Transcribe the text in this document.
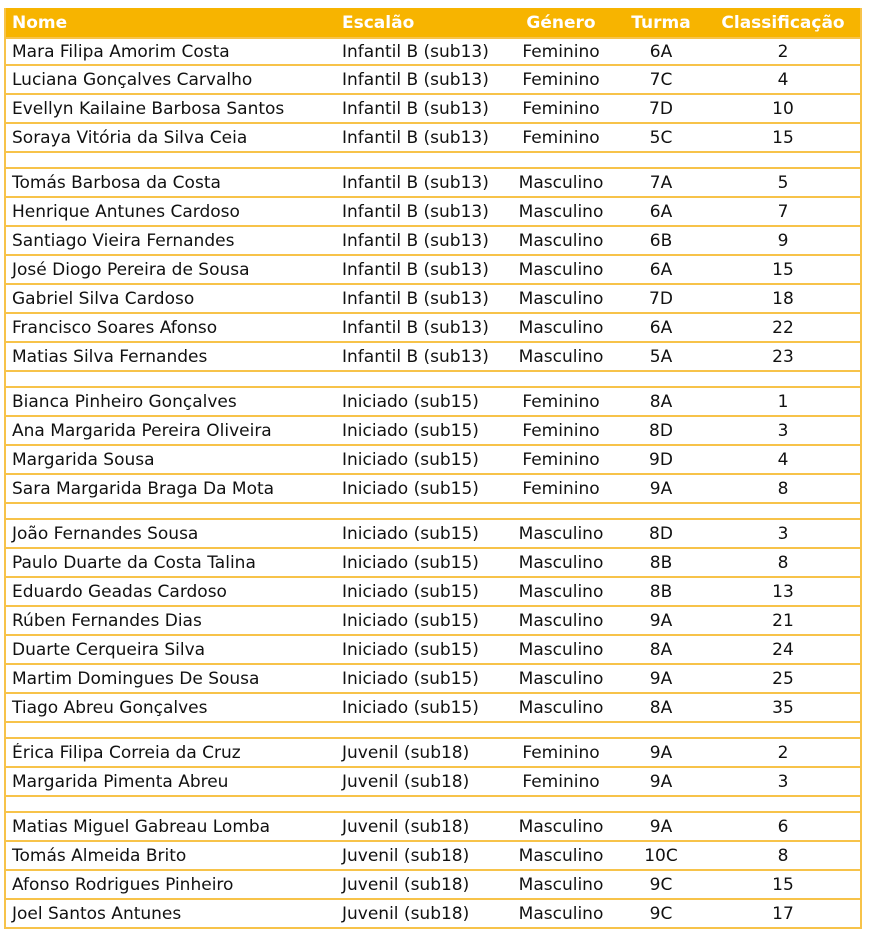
Nome	Escalão	Género	Turma	Classificação
Mara Filipa Amorim Costa	Infantil B (sub13)	Feminino	6A	2
Luciana Gonçalves Carvalho	Infantil B (sub13)	Feminino	7C	4
Evellyn Kailaine Barbosa Santos	Infantil B (sub13)	Feminino	7D	10
Soraya Vitória da Silva Ceia	Infantil B (sub13)	Feminino	5C	15
Tomás Barbosa da Costa	Infantil B (sub13)	Masculino	7A	5
Henrique Antunes Cardoso	Infantil B (sub13)	Masculino	6A	7
Santiago Vieira Fernandes	Infantil B (sub13)	Masculino	6B	9
José Diogo Pereira de Sousa	Infantil B (sub13)	Masculino	6A	15
Gabriel Silva Cardoso	Infantil B (sub13)	Masculino	7D	18
Francisco Soares Afonso	Infantil B (sub13)	Masculino	6A	22
Matias Silva Fernandes	Infantil B (sub13)	Masculino	5A	23
Bianca Pinheiro Gonçalves	Iniciado (sub15)	Feminino	8A	1
Ana Margarida Pereira Oliveira	Iniciado (sub15)	Feminino	8D	3
Margarida Sousa	Iniciado (sub15)	Feminino	9D	4
Sara Margarida Braga Da Mota	Iniciado (sub15)	Feminino	9A	8
João Fernandes Sousa	Iniciado (sub15)	Masculino	8D	3
Paulo Duarte da Costa Talina	Iniciado (sub15)	Masculino	8B	8
Eduardo Geadas Cardoso	Iniciado (sub15)	Masculino	8B	13
Rúben Fernandes Dias	Iniciado (sub15)	Masculino	9A	21
Duarte Cerqueira Silva	Iniciado (sub15)	Masculino	8A	24
Martim Domingues De Sousa	Iniciado (sub15)	Masculino	9A	25
Tiago Abreu Gonçalves	Iniciado (sub15)	Masculino	8A	35
Érica Filipa Correia da Cruz	Juvenil (sub18)	Feminino	9A	2
Margarida Pimenta Abreu	Juvenil (sub18)	Feminino	9A	3
Matias Miguel Gabreau Lomba	Juvenil (sub18)	Masculino	9A	6
Tomás Almeida Brito	Juvenil (sub18)	Masculino	10C	8
Afonso Rodrigues Pinheiro	Juvenil (sub18)	Masculino	9C	15
Joel Santos Antunes	Juvenil (sub18)	Masculino	9C	17
